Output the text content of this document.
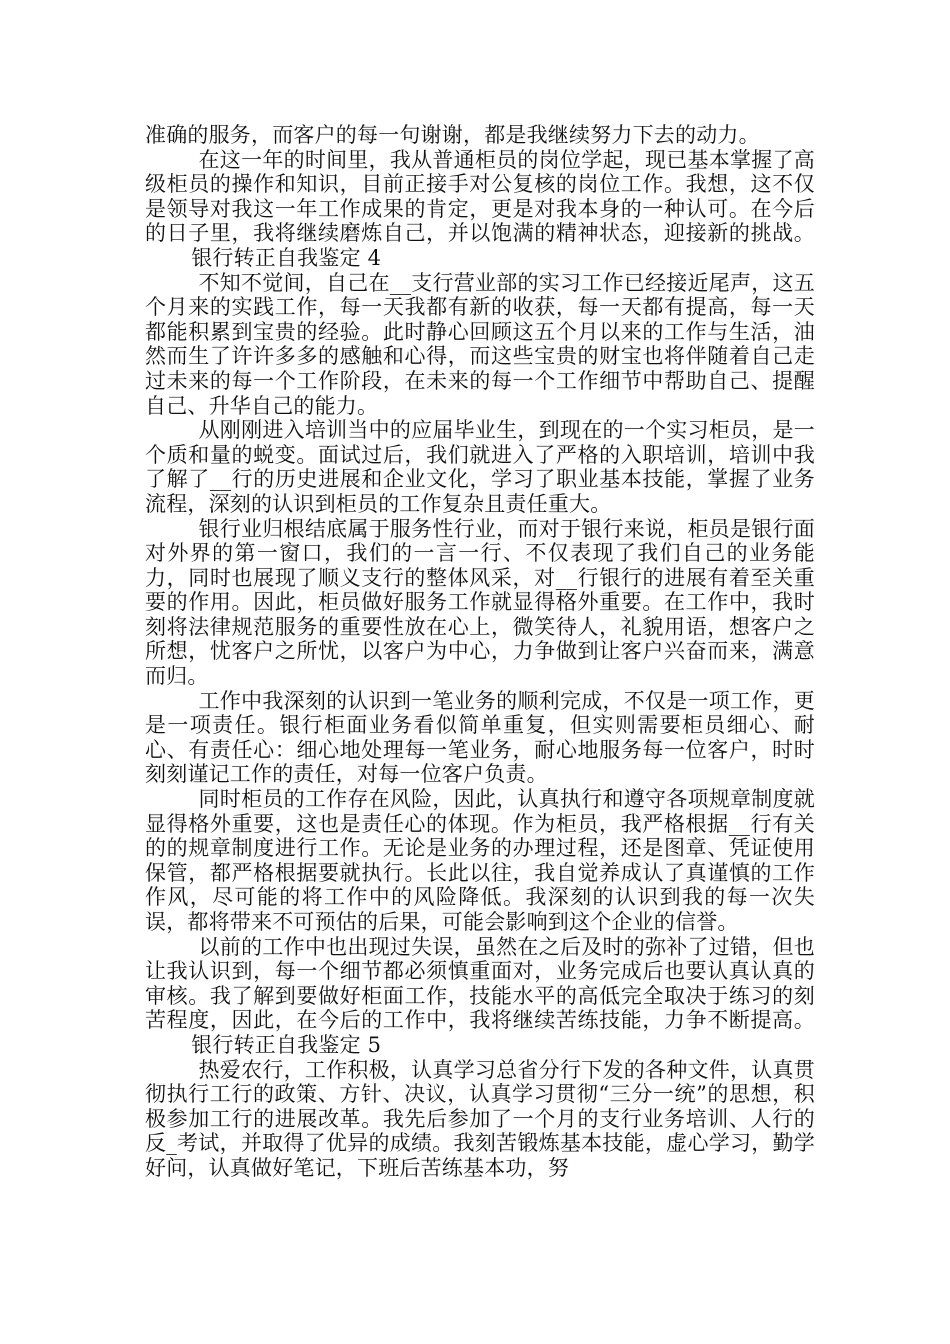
准确的服务，而客户的每一句谢谢，都是我继续努力下去的动力。

在这一年的时间里，我从普通柜员的岗位学起，现已基本掌握了高级柜员的操作和知识，目前正接手对公复核的岗位工作。我想，这不仅是领导对我这一年工作成果的肯定，更是对我本身的一种认可。在今后的日子里，我将继续磨炼自己，并以饱满的精神状态，迎接新的挑战。银行转正自我鉴定 4

不知不觉间，自己在__支行营业部的实习工作已经接近尾声，这五个月来的实践工作，每一天我都有新的收获，每一天都有提高，每一天都能积累到宝贵的经验。此时静心回顾这五个月以来的工作与生活，油然而生了许许多多的感触和心得，而这些宝贵的财宝也将伴随着自己走过未来的每一个工作阶段，在未来的每一个工作细节中帮助自己、提醒自己、升华自己的能力。

从刚刚进入培训当中的应届毕业生，到现在的一个实习柜员，是一个质和量的蜕变。面试过后，我们就进入了严格的入职培训，培训中我了解了__行的历史进展和企业文化，学习了职业基本技能，掌握了业务流程，深刻的认识到柜员的工作复杂且责任重大。

银行业归根结底属于服务性行业，而对于银行来说，柜员是银行面对外界的第一窗口，我们的一言一行、不仅表现了我们自己的业务能力，同时也展现了顺义支行的整体风采，对__行银行的进展有着至关重要的作用。因此，柜员做好服务工作就显得格外重要。在工作中，我时刻将法律规范服务的重要性放在心上，微笑待人，礼貌用语，想客户之所想，忧客户之所忧，以客户为中心，力争做到让客户兴奋而来，满意而归。

工作中我深刻的认识到一笔业务的顺利完成，不仅是一项工作，更是一项责任。银行柜面业务看似简单重复，但实则需要柜员细心、耐心、有责任心：细心地处理每一笔业务，耐心地服务每一位客户，时时刻刻谨记工作的责任，对每一位客户负责。

同时柜员的工作存在风险，因此，认真执行和遵守各项规章制度就显得格外重要，这也是责任心的体现。作为柜员，我严格根据__行有关的的规章制度进行工作。无论是业务的办理过程，还是图章、凭证使用保管，都严格根据要就执行。长此以往，我自觉养成认了真谨慎的工作作风，尽可能的将工作中的风险降低。我深刻的认识到我的每一次失误，都将带来不可预估的后果，可能会影响到这个企业的信誉。

以前的工作中也出现过失误，虽然在之后及时的弥补了过错，但也让我认识到，每一个细节都必须慎重面对，业务完成后也要认真认真的审核。我了解到要做好柜面工作，技能水平的高低完全取决于练习的刻苦程度，因此，在今后的工作中，我将继续苦练技能，力争不断提高。银行转正自我鉴定 5

热爱农行，工作积极，认真学习总省分行下发的各种文件，认真贯彻执行工行的政策、方针、决议，认真学习贯彻“三分一统”的思想，积极参加工行的进展改革。我先后参加了一个月的支行业务培训、人行的反_考试，并取得了优异的成绩。我刻苦锻炼基本技能，虚心学习，勤学好问，认真做好笔记，下班后苦练基本功，努
